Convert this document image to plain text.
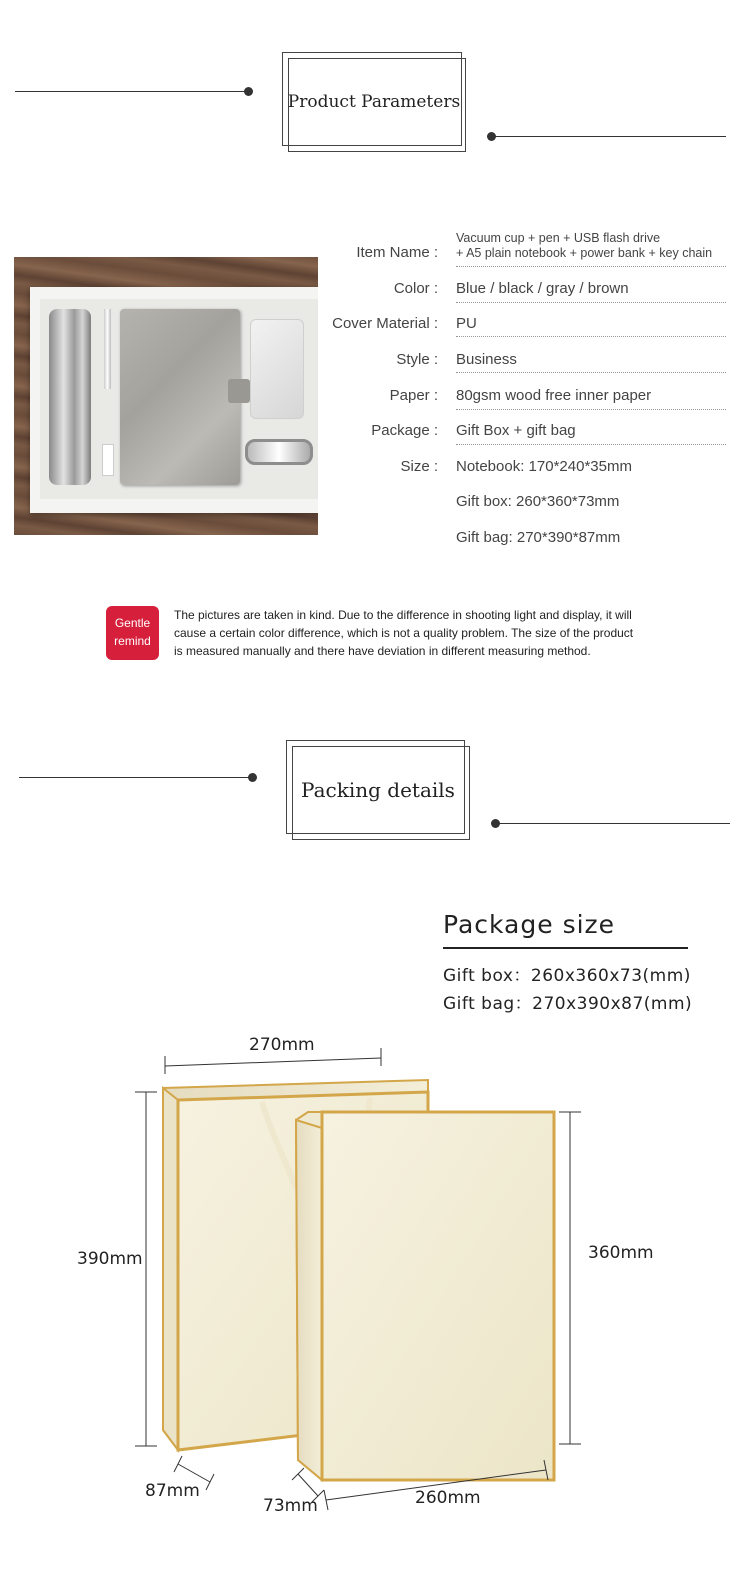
Product Parameters
Item Name :
Vacuum cup + pen + USB flash drive
+ A5 plain notebook + power bank + key chain
Color : Blue / black / gray / brown
Cover Material : PU
Style : Business
Paper : 80gsm wood free inner paper
Package : Gift Box + gift bag
Size : Notebook: 170*240*35mm
Gift box: 260*360*73mm
Gift bag: 270*390*87mm
Gentle
remind
The pictures are taken in kind. Due to the difference in shooting light and display, it will cause a certain color difference, which is not a quality problem. The size of the product is measured manually and there have deviation in different measuring method.
Packing details
Package size
Gift box：260x360x73(mm)
Gift bag：270x390x87(mm)
270mm
390mm
87mm
360mm
73mm	260mm
